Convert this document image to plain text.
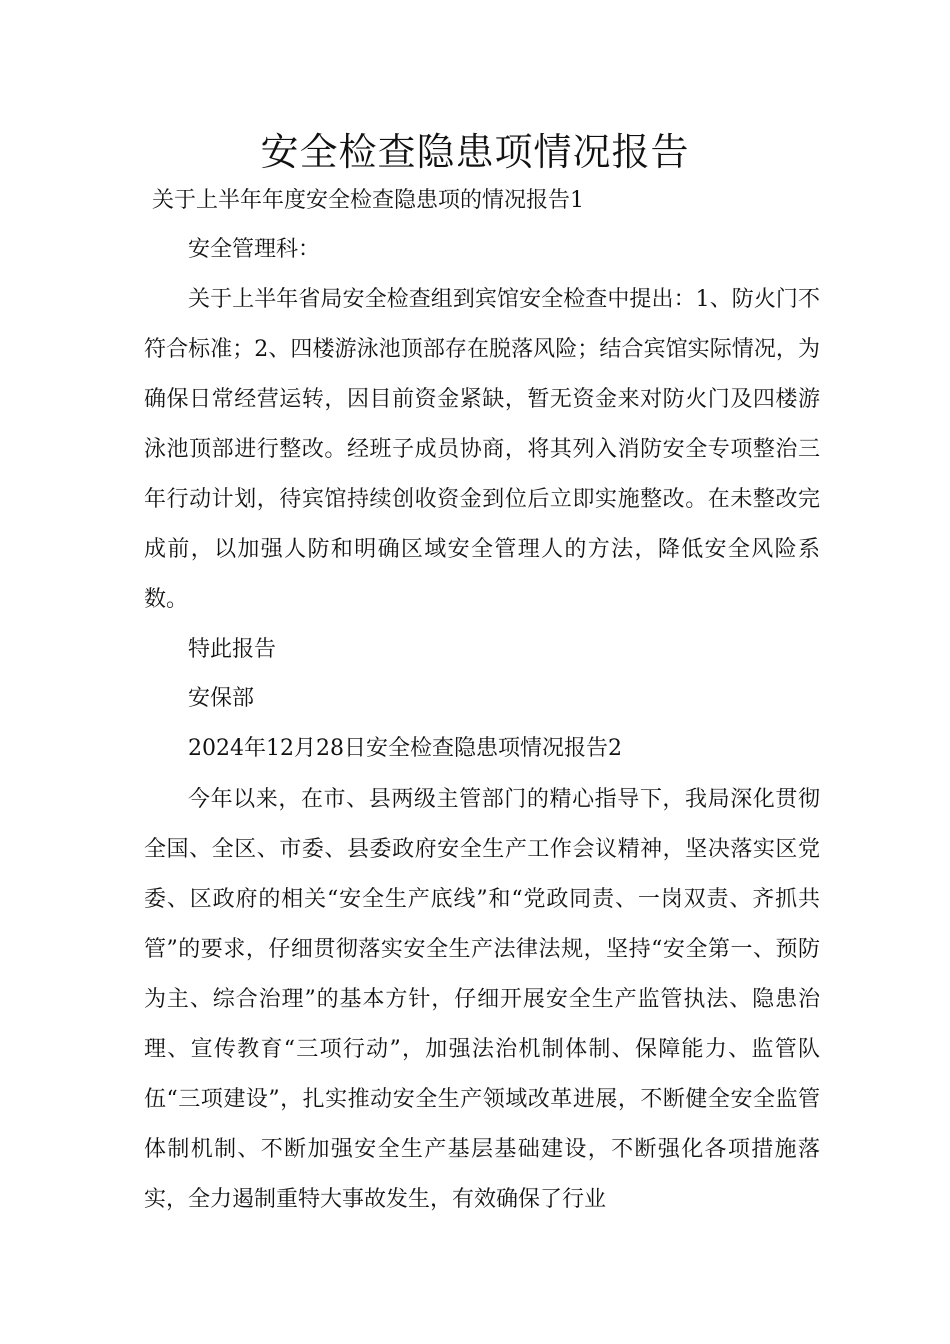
安全检查隐患项情况报告

关于上半年年度安全检查隐患项的情况报告1

安全管理科：

关于上半年省局安全检查组到宾馆安全检查中提出：1、防火门不符合标准；2、四楼游泳池顶部存在脱落风险；结合宾馆实际情况，为确保日常经营运转，因目前资金紧缺，暂无资金来对防火门及四楼游泳池顶部进行整改。经班子成员协商，将其列入消防安全专项整治三年行动计划，待宾馆持续创收资金到位后立即实施整改。在未整改完成前，以加强人防和明确区域安全管理人的方法，降低安全风险系数。

特此报告

安保部

2024年12月28日安全检查隐患项情况报告2

今年以来，在市、县两级主管部门的精心指导下，我局深化贯彻全国、全区、市委、县委政府安全生产工作会议精神，坚决落实区党委、区政府的相关“安全生产底线”和“党政同责、一岗双责、齐抓共管”的要求，仔细贯彻落实安全生产法律法规，坚持“安全第一、预防为主、综合治理”的基本方针，仔细开展安全生产监管执法、隐患治理、宣传教育“三项行动”，加强法治机制体制、保障能力、监管队伍“三项建设”，扎实推动安全生产领域改革进展，不断健全安全监管体制机制、不断加强安全生产基层基础建设，不断强化各项措施落实，全力遏制重特大事故发生，有效确保了行业
